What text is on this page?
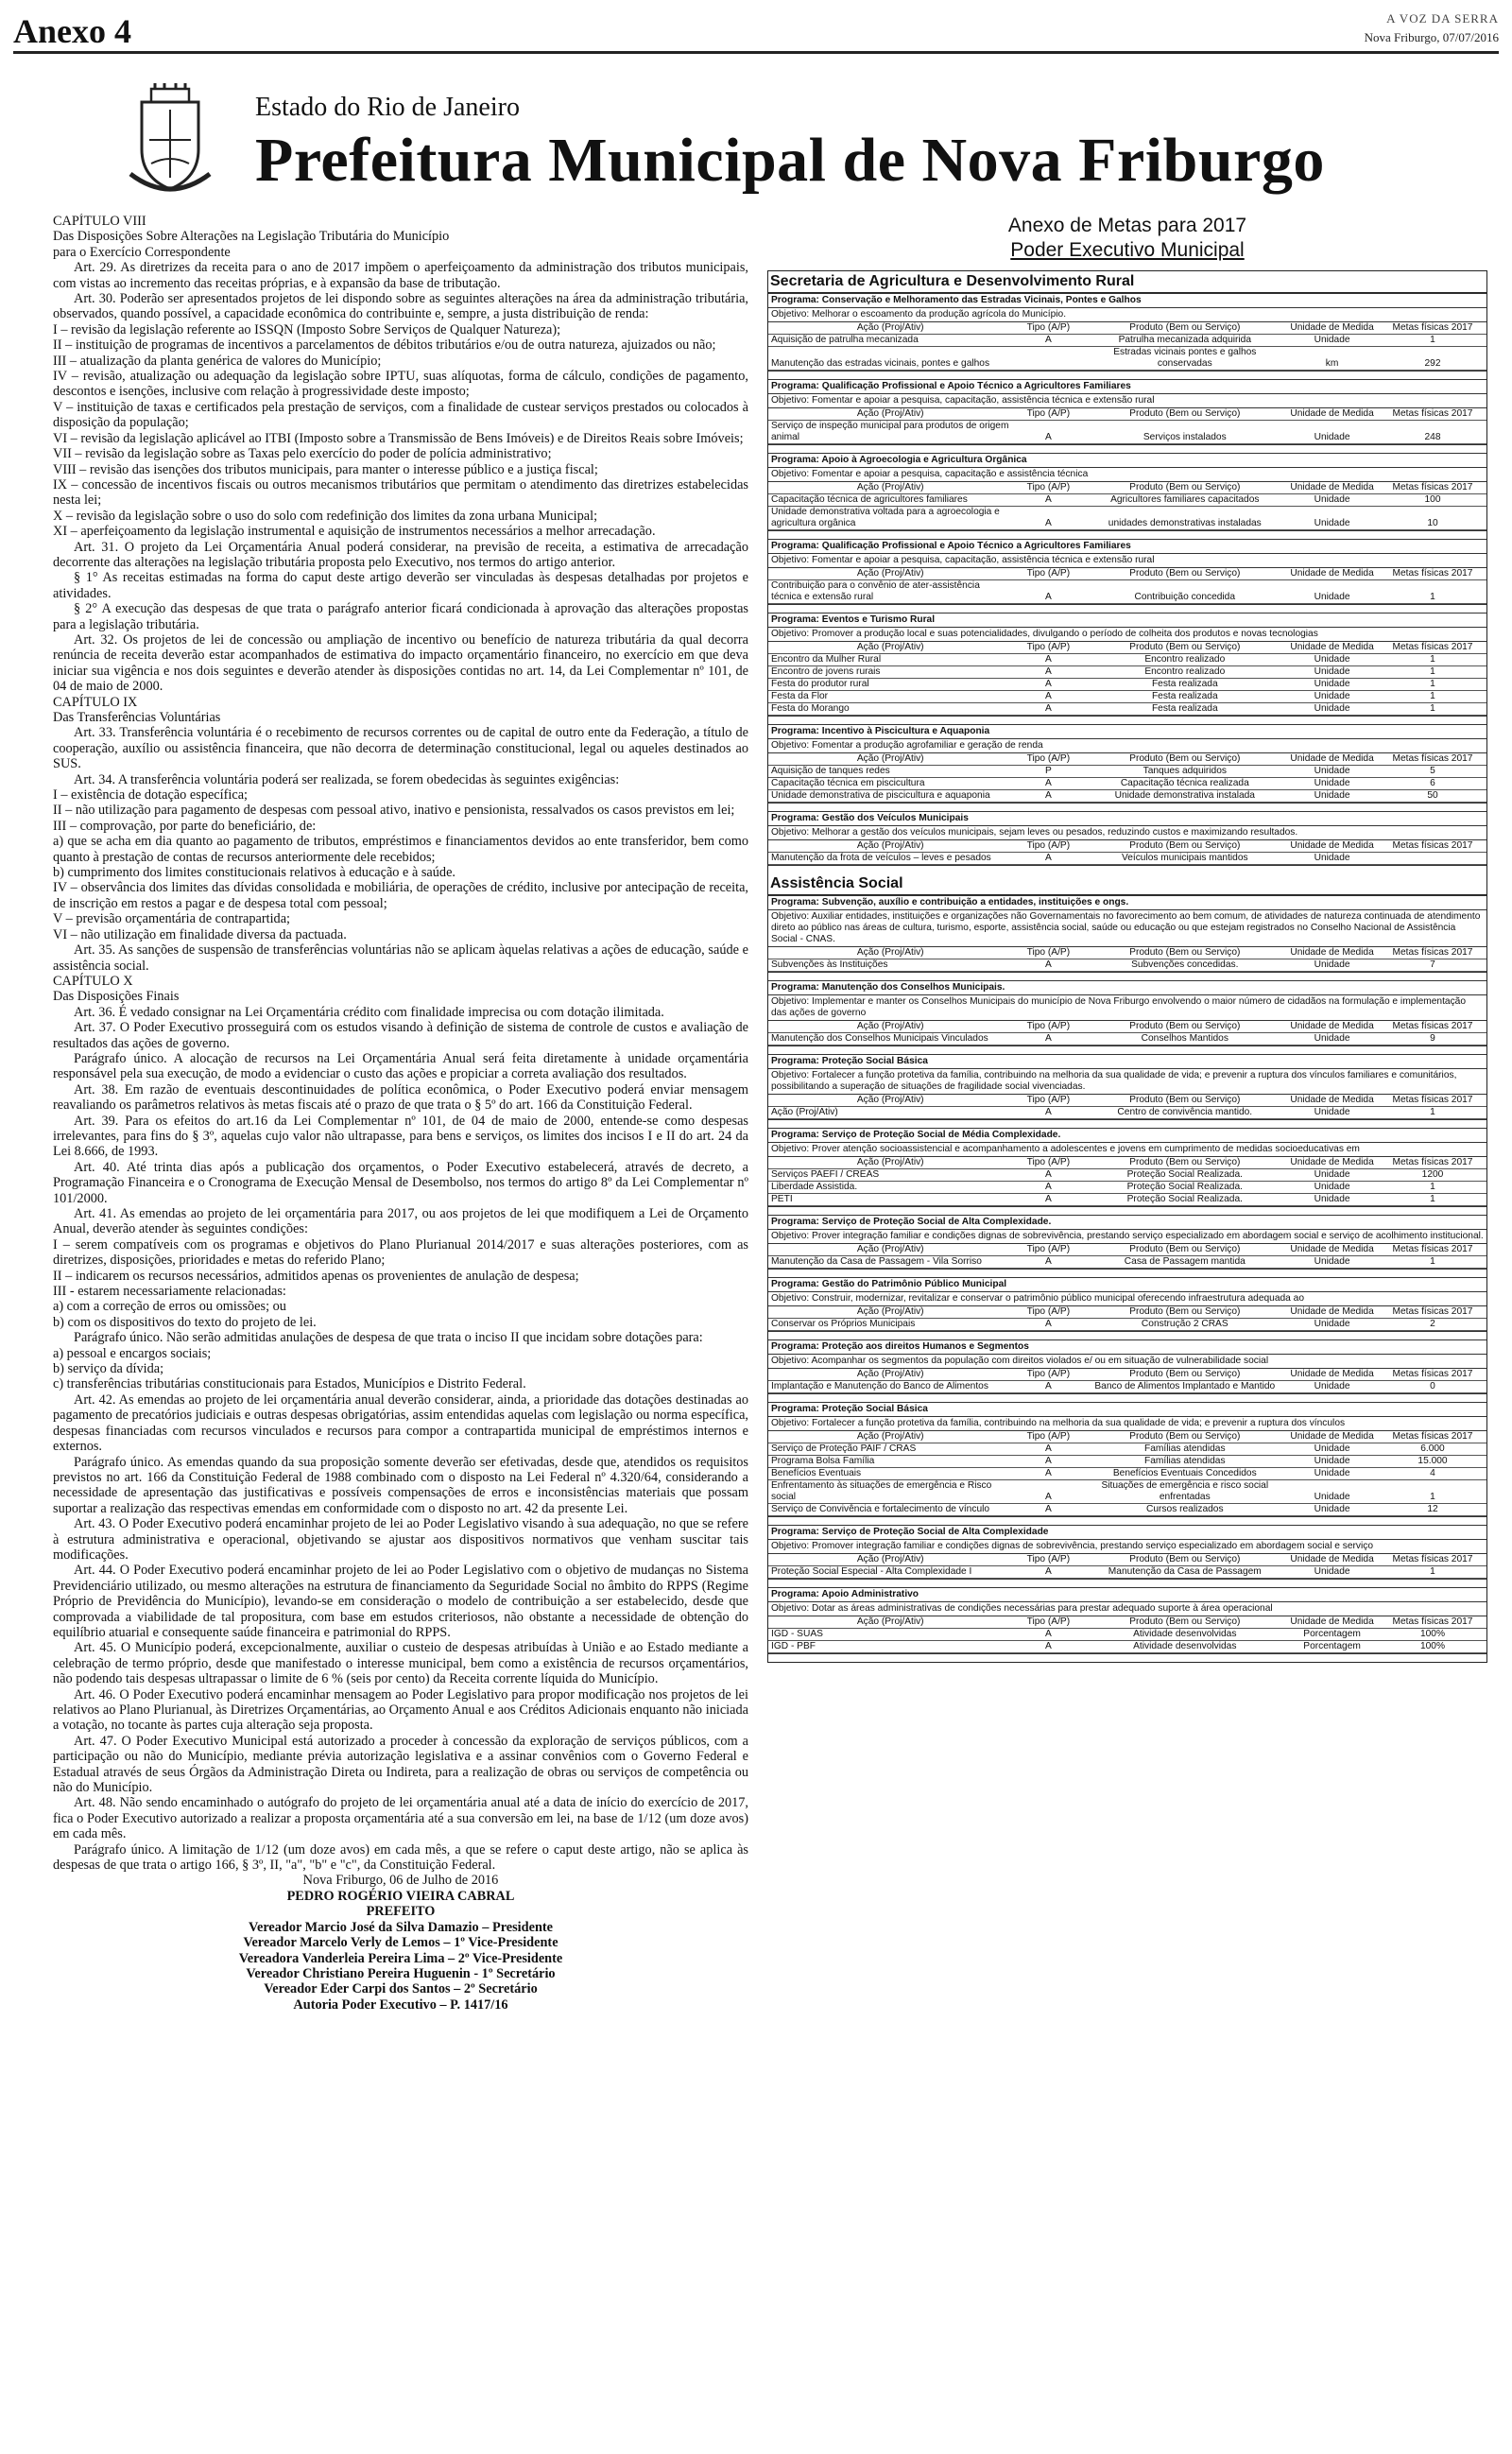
Anexo 4	A VOZ DA SERRA
Nova Friburgo, 07/07/2016
Estado do Rio de Janeiro
Prefeitura Municipal de Nova Friburgo

CAPÍTULO VIII

Das Disposições Sobre Alterações na Legislação Tributária do Município

para o Exercício Correspondente

Art. 29. As diretrizes da receita para o ano de 2017 impõem o aperfeiçoamento da administração dos tributos municipais, com vistas ao incremento das receitas próprias, e à expansão da base de tributação.

Art. 30. Poderão ser apresentados projetos de lei dispondo sobre as seguintes alterações na área da administração tributária, observados, quando possível, a capacidade econômica do contribuinte e, sempre, a justa distribuição de renda:

I – revisão da legislação referente ao ISSQN (Imposto Sobre Serviços de Qualquer Natureza);

II – instituição de programas de incentivos a parcelamentos de débitos tributários e/ou de outra natureza, ajuizados ou não;

III – atualização da planta genérica de valores do Município;

IV – revisão, atualização ou adequação da legislação sobre IPTU, suas alíquotas, forma de cálculo, condições de pagamento, descontos e isenções, inclusive com relação à progressividade deste imposto;

V – instituição de taxas e certificados pela prestação de serviços, com a finalidade de custear serviços prestados ou colocados à disposição da população;

VI – revisão da legislação aplicável ao ITBI (Imposto sobre a Transmissão de Bens Imóveis) e de Direitos Reais sobre Imóveis;

VII – revisão da legislação sobre as Taxas pelo exercício do poder de polícia administrativo;

VIII – revisão das isenções dos tributos municipais, para manter o interesse público e a justiça fiscal;

IX – concessão de incentivos fiscais ou outros mecanismos tributários que permitam o atendimento das diretrizes estabelecidas nesta lei;

X – revisão da legislação sobre o uso do solo com redefinição dos limites da zona urbana Municipal;

XI – aperfeiçoamento da legislação instrumental e aquisição de instrumentos necessários a melhor arrecadação.

Art. 31. O projeto da Lei Orçamentária Anual poderá considerar, na previsão de receita, a estimativa de arrecadação decorrente das alterações na legislação tributária proposta pelo Executivo, nos termos do artigo anterior.

§ 1° As receitas estimadas na forma do caput deste artigo deverão ser vinculadas às despesas detalhadas por projetos e atividades.

§ 2° A execução das despesas de que trata o parágrafo anterior ficará condicionada à aprovação das alterações propostas para a legislação tributária.

Art. 32. Os projetos de lei de concessão ou ampliação de incentivo ou benefício de natureza tributária da qual decorra renúncia de receita deverão estar acompanhados de estimativa do impacto orçamentário financeiro, no exercício em que deva iniciar sua vigência e nos dois seguintes e deverão atender às disposições contidas no art. 14, da Lei Complementar nº 101, de 04 de maio de 2000.

CAPÍTULO IX

Das Transferências Voluntárias

Art. 33. Transferência voluntária é o recebimento de recursos correntes ou de capital de outro ente da Federação, a título de cooperação, auxílio ou assistência financeira, que não decorra de determinação constitucional, legal ou aqueles destinados ao SUS.

Art. 34. A transferência voluntária poderá ser realizada, se forem obedecidas às seguintes exigências:

I – existência de dotação específica;

II – não utilização para pagamento de despesas com pessoal ativo, inativo e pensionista, ressalvados os casos previstos em lei;

III – comprovação, por parte do beneficiário, de:

a) que se acha em dia quanto ao pagamento de tributos, empréstimos e financiamentos devidos ao ente transferidor, bem como quanto à prestação de contas de recursos anteriormente dele recebidos;

b) cumprimento dos limites constitucionais relativos à educação e à saúde.

IV – observância dos limites das dívidas consolidada e mobiliária, de operações de crédito, inclusive por antecipação de receita, de inscrição em restos a pagar e de despesa total com pessoal;

V – previsão orçamentária de contrapartida;

VI – não utilização em finalidade diversa da pactuada.

Art. 35. As sanções de suspensão de transferências voluntárias não se aplicam àquelas relativas a ações de educação, saúde e assistência social.

CAPÍTULO X

Das Disposições Finais

Art. 36. É vedado consignar na Lei Orçamentária crédito com finalidade imprecisa ou com dotação ilimitada.

Art. 37. O Poder Executivo prosseguirá com os estudos visando à definição de sistema de controle de custos e avaliação de resultados das ações de governo.

Parágrafo único. A alocação de recursos na Lei Orçamentária Anual será feita diretamente à unidade orçamentária responsável pela sua execução, de modo a evidenciar o custo das ações e propiciar a correta avaliação dos resultados.

Art. 38. Em razão de eventuais descontinuidades de política econômica, o Poder Executivo poderá enviar mensagem reavaliando os parâmetros relativos às metas fiscais até o prazo de que trata o § 5º do art. 166 da Constituição Federal.

Art. 39. Para os efeitos do art.16 da Lei Complementar nº 101, de 04 de maio de 2000, entende-se como despesas irrelevantes, para fins do § 3º, aquelas cujo valor não ultrapasse, para bens e serviços, os limites dos incisos I e II do art. 24 da Lei 8.666, de 1993.

Art. 40. Até trinta dias após a publicação dos orçamentos, o Poder Executivo estabelecerá, através de decreto, a Programação Financeira e o Cronograma de Execução Mensal de Desembolso, nos termos do artigo 8º da Lei Complementar nº 101/2000.

Art. 41. As emendas ao projeto de lei orçamentária para 2017, ou aos projetos de lei que modifiquem a Lei de Orçamento Anual, deverão atender às seguintes condições:

I – serem compatíveis com os programas e objetivos do Plano Plurianual 2014/2017 e suas alterações posteriores, com as diretrizes, disposições, prioridades e metas do referido Plano;

II – indicarem os recursos necessários, admitidos apenas os provenientes de anulação de despesa;

III - estarem necessariamente relacionadas:

a) com a correção de erros ou omissões; ou

b) com os dispositivos do texto do projeto de lei.

Parágrafo único. Não serão admitidas anulações de despesa de que trata o inciso II que incidam sobre dotações para:

a) pessoal e encargos sociais;

b) serviço da dívida;

c) transferências tributárias constitucionais para Estados, Municípios e Distrito Federal.

Art. 42. As emendas ao projeto de lei orçamentária anual deverão considerar, ainda, a prioridade das dotações destinadas ao pagamento de precatórios judiciais e outras despesas obrigatórias, assim entendidas aquelas com legislação ou norma específica, despesas financiadas com recursos vinculados e recursos para compor a contrapartida municipal de empréstimos internos e externos.

Parágrafo único. As emendas quando da sua proposição somente deverão ser efetivadas, desde que, atendidos os requisitos previstos no art. 166 da Constituição Federal de 1988 combinado com o disposto na Lei Federal nº 4.320/64, considerando a necessidade de apresentação das justificativas e possíveis compensações de erros e inconsistências materiais que possam suportar a realização das respectivas emendas em conformidade com o disposto no art. 42 da presente Lei.

Art. 43. O Poder Executivo poderá encaminhar projeto de lei ao Poder Legislativo visando à sua adequação, no que se refere à estrutura administrativa e operacional, objetivando se ajustar aos dispositivos normativos que venham suscitar tais modificações.

Art. 44. O Poder Executivo poderá encaminhar projeto de lei ao Poder Legislativo com o objetivo de mudanças no Sistema Previdenciário utilizado, ou mesmo alterações na estrutura de financiamento da Seguridade Social no âmbito do RPPS (Regime Próprio de Previdência do Município), levando-se em consideração o modelo de contribuição a ser estabelecido, desde que comprovada a viabilidade de tal propositura, com base em estudos criteriosos, não obstante a necessidade de obtenção do equilíbrio atuarial e consequente saúde financeira e patrimonial do RPPS.

Art. 45. O Município poderá, excepcionalmente, auxiliar o custeio de despesas atribuídas à União e ao Estado mediante a celebração de termo próprio, desde que manifestado o interesse municipal, bem como a existência de recursos orçamentários, não podendo tais despesas ultrapassar o limite de 6 % (seis por cento) da Receita corrente líquida do Município.

Art. 46. O Poder Executivo poderá encaminhar mensagem ao Poder Legislativo para propor modificação nos projetos de lei relativos ao Plano Plurianual, às Diretrizes Orçamentárias, ao Orçamento Anual e aos Créditos Adicionais enquanto não iniciada a votação, no tocante às partes cuja alteração seja proposta.

Art. 47. O Poder Executivo Municipal está autorizado a proceder à concessão da exploração de serviços públicos, com a participação ou não do Município, mediante prévia autorização legislativa e a assinar convênios com o Governo Federal e Estadual através de seus Órgãos da Administração Direta ou Indireta, para a realização de obras ou serviços de competência ou não do Município.

Art. 48. Não sendo encaminhado o autógrafo do projeto de lei orçamentária anual até a data de início do exercício de 2017, fica o Poder Executivo autorizado a realizar a proposta orçamentária até a sua conversão em lei, na base de 1/12 (um doze avos) em cada mês.

Parágrafo único. A limitação de 1/12 (um doze avos) em cada mês, a que se refere o caput deste artigo, não se aplica às despesas de que trata o artigo 166, § 3º, II, "a", "b" e "c", da Constituição Federal.

Nova Friburgo, 06 de Julho de 2016

PEDRO ROGÉRIO VIEIRA CABRAL

PREFEITO

Vereador Marcio José da Silva Damazio – Presidente

Vereador Marcelo Verly de Lemos – 1º Vice-Presidente

Vereadora Vanderleia Pereira Lima – 2º Vice-Presidente

Vereador Christiano Pereira Huguenin - 1º Secretário

Vereador Eder Carpi dos Santos – 2º Secretário

Autoria Poder Executivo – P. 1417/16

Anexo de Metas para 2017
Poder Executivo Municipal
Secretaria de Agricultura e Desenvolvimento Rural
Programa: Conservação e Melhoramento das Estradas Vicinais, Pontes e Galhos
Objetivo: Melhorar o escoamento da produção agrícola do Município.
Ação (Proj/Ativ)	Tipo (A/P)	Produto (Bem ou Serviço)	Unidade de Medida	Metas físicas 2017
Aquisição de patrulha mecanizada	A	Patrulha mecanizada adquirida	Unidade	1
Manutenção das estradas vicinais, pontes e galhos		Estradas vicinais pontes e galhos conservadas	km	292
Programa: Qualificação Profissional e Apoio Técnico a Agricultores Familiares
Objetivo: Fomentar e apoiar a pesquisa, capacitação, assistência técnica e extensão rural
Ação (Proj/Ativ)	Tipo (A/P)	Produto (Bem ou Serviço)	Unidade de Medida	Metas físicas 2017
Serviço de inspeção municipal para produtos de origem animal	A	Serviços instalados	Unidade	248
Programa: Apoio à Agroecologia e Agricultura Orgânica
Objetivo: Fomentar e apoiar a pesquisa, capacitação e assistência técnica
Ação (Proj/Ativ)	Tipo (A/P)	Produto (Bem ou Serviço)	Unidade de Medida	Metas físicas 2017
Capacitação técnica de agricultores familiares	A	Agricultores familiares capacitados	Unidade	100
Unidade demonstrativa voltada para a agroecologia e agricultura orgânica	A	unidades demonstrativas instaladas	Unidade	10
Programa: Qualificação Profissional e Apoio Técnico a Agricultores Familiares
Objetivo: Fomentar e apoiar a pesquisa, capacitação, assistência técnica e extensão rural
Ação (Proj/Ativ)	Tipo (A/P)	Produto (Bem ou Serviço)	Unidade de Medida	Metas físicas 2017
Contribuição para o convênio de ater-assistência técnica e extensão rural	A	Contribuição concedida	Unidade	1
Programa: Eventos e Turismo Rural
Objetivo: Promover a produção local e suas potencialidades, divulgando o período de colheita dos produtos e novas tecnologias
Ação (Proj/Ativ)	Tipo (A/P)	Produto (Bem ou Serviço)	Unidade de Medida	Metas físicas 2017
Encontro da Mulher Rural	A	Encontro realizado	Unidade	1
Encontro de jovens rurais	A	Encontro realizado	Unidade	1
Festa do produtor rural	A	Festa realizada	Unidade	1
Festa da Flor	A	Festa realizada	Unidade	1
Festa do Morango	A	Festa realizada	Unidade	1
Programa: Incentivo à Piscicultura e Aquaponia
Objetivo: Fomentar a produção agrofamiliar e geração de renda
Ação (Proj/Ativ)	Tipo (A/P)	Produto (Bem ou Serviço)	Unidade de Medida	Metas físicas 2017
Aquisição de tanques redes	P	Tanques adquiridos	Unidade	5
Capacitação técnica em piscicultura	A	Capacitação técnica realizada	Unidade	6
Unidade demonstrativa de piscicultura e aquaponia	A	Unidade demonstrativa instalada	Unidade	50
Programa: Gestão dos Veículos Municipais
Objetivo: Melhorar a gestão dos veículos municipais, sejam leves ou pesados, reduzindo custos e maximizando resultados.
Ação (Proj/Ativ)	Tipo (A/P)	Produto (Bem ou Serviço)	Unidade de Medida	Metas físicas 2017
Manutenção da frota de veículos – leves e pesados	A	Veículos municipais mantidos	Unidade	
Assistência Social
Programa: Subvenção, auxílio e contribuição a entidades, instituições e ongs.
Objetivo: Auxiliar entidades, instituições e organizações não Governamentais no favorecimento ao bem comum, de atividades de natureza continuada de atendimento direto ao público nas áreas de cultura, turismo, esporte, assistência social, saúde ou educação ou que estejam registrados no Conselho Nacional de Assistência Social - CNAS.
Ação (Proj/Ativ)	Tipo (A/P)	Produto (Bem ou Serviço)	Unidade de Medida	Metas físicas 2017
Subvenções às Instituições	A	Subvenções concedidas.	Unidade	7
Programa: Manutenção dos Conselhos Municipais.
Objetivo: Implementar e manter os Conselhos Municipais do município de Nova Friburgo envolvendo o maior número de cidadãos na formulação e implementação das ações de governo
Ação (Proj/Ativ)	Tipo (A/P)	Produto (Bem ou Serviço)	Unidade de Medida	Metas físicas 2017
Manutenção dos Conselhos Municipais Vinculados	A	Conselhos Mantidos	Unidade	9
Programa: Proteção Social Básica
Objetivo: Fortalecer a função protetiva da família, contribuindo na melhoria da sua qualidade de vida; e prevenir a ruptura dos vínculos familiares e comunitários, possibilitando a superação de situações de fragilidade social vivenciadas.
Ação (Proj/Ativ)	Tipo (A/P)	Produto (Bem ou Serviço)	Unidade de Medida	Metas físicas 2017
Ação (Proj/Ativ)	A	Centro de convivência mantido.	Unidade	1
Programa: Serviço de Proteção Social de Média Complexidade.
Objetivo: Prover atenção socioassistencial e acompanhamento a adolescentes e jovens em cumprimento de medidas socioeducativas em
Ação (Proj/Ativ)	Tipo (A/P)	Produto (Bem ou Serviço)	Unidade de Medida	Metas físicas 2017
Serviços PAEFI / CREAS	A	Proteção Social Realizada.	Unidade	1200
Liberdade Assistida.	A	Proteção Social Realizada.	Unidade	1
PETI	A	Proteção Social Realizada.	Unidade	1
Programa: Serviço de Proteção Social de Alta Complexidade.
Objetivo: Prover integração familiar e condições dignas de sobrevivência, prestando serviço especializado em abordagem social e serviço de acolhimento institucional.
Ação (Proj/Ativ)	Tipo (A/P)	Produto (Bem ou Serviço)	Unidade de Medida	Metas físicas 2017
Manutenção da Casa de Passagem - Vila Sorriso	A	Casa de Passagem mantida	Unidade	1
Programa: Gestão do Patrimônio Público Municipal
Objetivo: Construir, modernizar, revitalizar e conservar o patrimônio público municipal oferecendo infraestrutura adequada ao
Ação (Proj/Ativ)	Tipo (A/P)	Produto (Bem ou Serviço)	Unidade de Medida	Metas físicas 2017
Conservar os Próprios Municipais	A	Construção 2 CRAS	Unidade	2
Programa: Proteção aos direitos Humanos e Segmentos
Objetivo: Acompanhar os segmentos da população com direitos violados e/ ou em situação de vulnerabilidade social
Ação (Proj/Ativ)	Tipo (A/P)	Produto (Bem ou Serviço)	Unidade de Medida	Metas físicas 2017
Implantação e Manutenção do Banco de Alimentos	A	Banco de Alimentos Implantado e Mantido	Unidade	0
Programa: Proteção Social Básica
Objetivo: Fortalecer a função protetiva da família, contribuindo na melhoria da sua qualidade de vida; e prevenir a ruptura dos vínculos
Ação (Proj/Ativ)	Tipo (A/P)	Produto (Bem ou Serviço)	Unidade de Medida	Metas físicas 2017
Serviço de Proteção PAIF / CRAS	A	Famílias atendidas	Unidade	6.000
Programa Bolsa Família	A	Famílias atendidas	Unidade	15.000
Benefícios Eventuais	A	Benefícios Eventuais Concedidos	Unidade	4
Enfrentamento às situações de emergência e Risco social	A	Situações de emergência e risco social enfrentadas	Unidade	1
Serviço de Convivência e fortalecimento de vínculo	A	Cursos realizados	Unidade	12
Programa: Serviço de Proteção Social de Alta Complexidade
Objetivo: Promover integração familiar e condições dignas de sobrevivência, prestando serviço especializado em abordagem social e serviço
Ação (Proj/Ativ)	Tipo (A/P)	Produto (Bem ou Serviço)	Unidade de Medida	Metas físicas 2017
Proteção Social Especial - Alta Complexidade I	A	Manutenção da Casa de Passagem	Unidade	1
Programa: Apoio Administrativo
Objetivo: Dotar as áreas administrativas de condições necessárias para prestar adequado suporte à área operacional
Ação (Proj/Ativ)	Tipo (A/P)	Produto (Bem ou Serviço)	Unidade de Medida	Metas físicas 2017
IGD - SUAS	A	Atividade desenvolvidas	Porcentagem	100%
IGD - PBF	A	Atividade desenvolvidas	Porcentagem	100%
